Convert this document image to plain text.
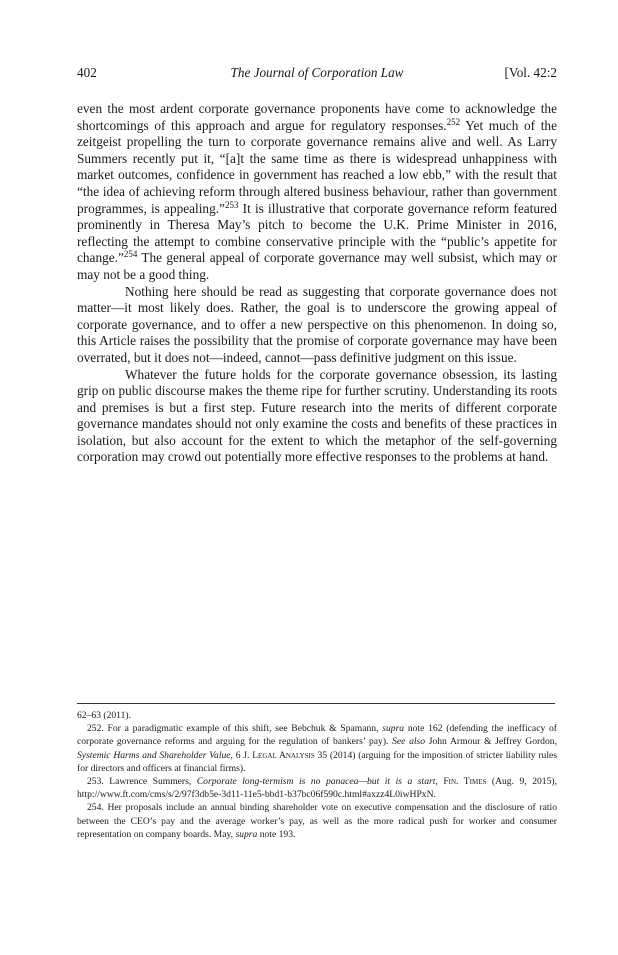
402	The Journal of Corporation Law	[Vol. 42:2

even the most ardent corporate governance proponents have come to acknowledge the shortcomings of this approach and argue for regulatory responses.$^{252}$ Yet much of the zeitgeist propelling the turn to corporate governance remains alive and well. As Larry Summers recently put it, “[a]t the same time as there is widespread unhappiness with market outcomes, confidence in government has reached a low ebb,” with the result that “the idea of achieving reform through altered business behaviour, rather than government programmes, is appealing.”$^{253}$ It is illustrative that corporate governance reform featured prominently in Theresa May’s pitch to become the U.K. Prime Minister in 2016, reflecting the attempt to combine conservative principle with the “public’s appetite for change.”$^{254}$ The general appeal of corporate governance may well subsist, which may or may not be a good thing.

Nothing here should be read as suggesting that corporate governance does not matter—it most likely does. Rather, the goal is to underscore the growing appeal of corporate governance, and to offer a new perspective on this phenomenon. In doing so, this Article raises the possibility that the promise of corporate governance may have been overrated, but it does not—indeed, cannot—pass definitive judgment on this issue.

Whatever the future holds for the corporate governance obsession, its lasting grip on public discourse makes the theme ripe for further scrutiny. Understanding its roots and premises is but a first step. Future research into the merits of different corporate governance mandates should not only examine the costs and benefits of these practices in isolation, but also account for the extent to which the metaphor of the self-governing corporation may crowd out potentially more effective responses to the problems at hand.

62–63 (2011).

252. For a paradigmatic example of this shift, see Bebchuk & Spamann, supra note 162 (defending the inefficacy of corporate governance reforms and arguing for the regulation of bankers’ pay). See also John Armour & Jeffrey Gordon, Systemic Harms and Shareholder Value, 6 J. Legal Analysis 35 (2014) (arguing for the imposition of stricter liability rules for directors and officers at financial firms).

253. Lawrence Summers, Corporate long-termism is no panacea—but it is a start, Fin. Times (Aug. 9, 2015), http://www.ft.com/cms/s/2/97f3db5e-3d11-11e5-bbd1-b37bc06f590c.html#axzz4L0iwHPxN.

254. Her proposals include an annual binding shareholder vote on executive compensation and the disclosure of ratio between the CEO’s pay and the average worker’s pay, as well as the more radical push for worker and consumer representation on company boards. May, supra note 193.
